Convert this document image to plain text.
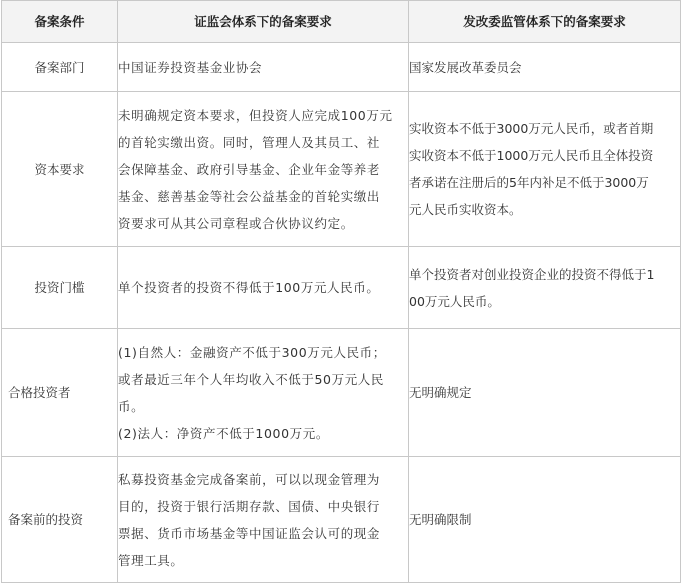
备案条件	证监会体系下的备案要求	发改委监管体系下的备案要求
备案部门	中国证券投资基金业协会	国家发展改革委员会

资本要求	未明确规定资本要求，但投资人应完成100万元
的首轮实缴出资。同时，管理人及其员工、社
会保障基金、政府引导基金、企业年金等养老
基金、慈善基金等社会公益基金的首轮实缴出
资要求可从其公司章程或合伙协议约定。	实收资本不低于3000万元人民币，或者首期
实收资本不低于1000万元人民币且全体投资
者承诺在注册后的5年内补足不低于3000万
元人民币实收资本。

投资门槛	单个投资者的投资不得低于100万元人民币。	单个投资者对创业投资企业的投资不得低于1
00万元人民币。

合格投资者	(1)自然人：金融资产不低于300万元人民币；
或者最近三年个人年均收入不低于50万元人民
币。
(2)法人：净资产不低于1000万元。	无明确规定

备案前的投资	私募投资基金完成备案前，可以以现金管理为
目的，投资于银行活期存款、国债、中央银行
票据、货币市场基金等中国证监会认可的现金
管理工具。	无明确限制
